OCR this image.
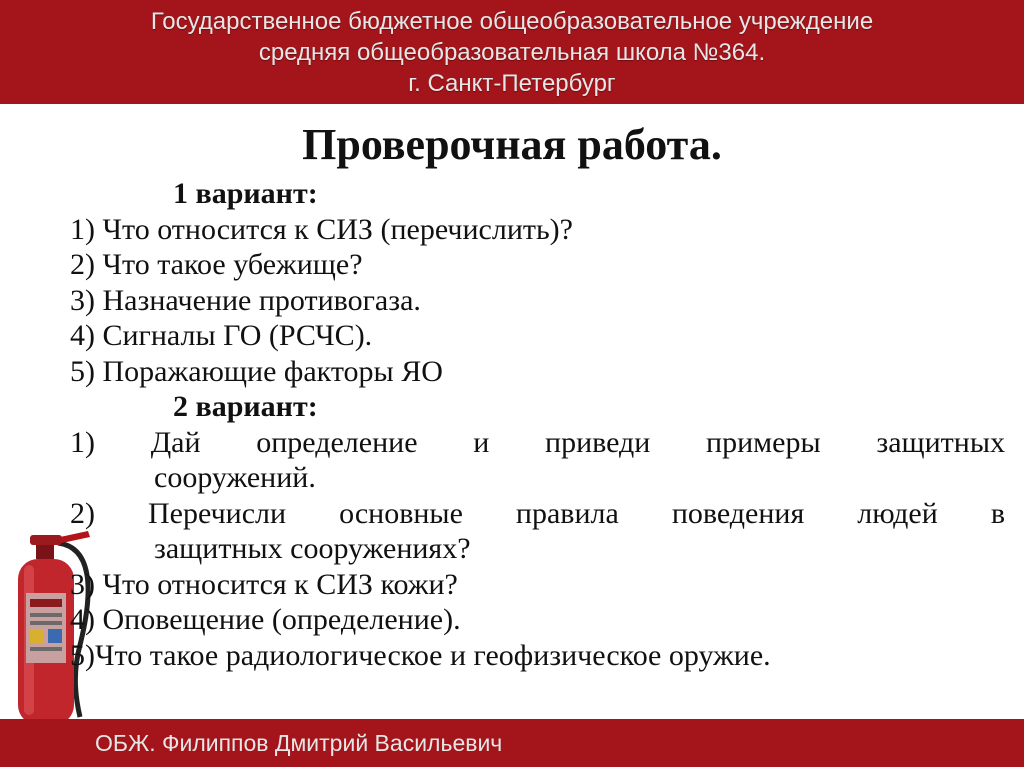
Государственное бюджетное общеобразовательное учреждение
средняя общеобразовательная школа №364.
г. Санкт-Петербург
Проверочная работа.
1 вариант:
1) Что относится к СИЗ (перечислить)?
2) Что такое убежище?
3) Назначение противогаза.
4) Сигналы ГО (РСЧС).
5) Поражающие факторы ЯО
2 вариант:
1) Дай определение и приведи примеры защитных
сооружений.
2) Перечисли основные правила поведения людей в
защитных сооружениях?
3) Что относится к СИЗ кожи?
4) Оповещение (определение).
5)Что такое радиологическое и геофизическое оружие.
ОБЖ. Филиппов Дмитрий Васильевич
